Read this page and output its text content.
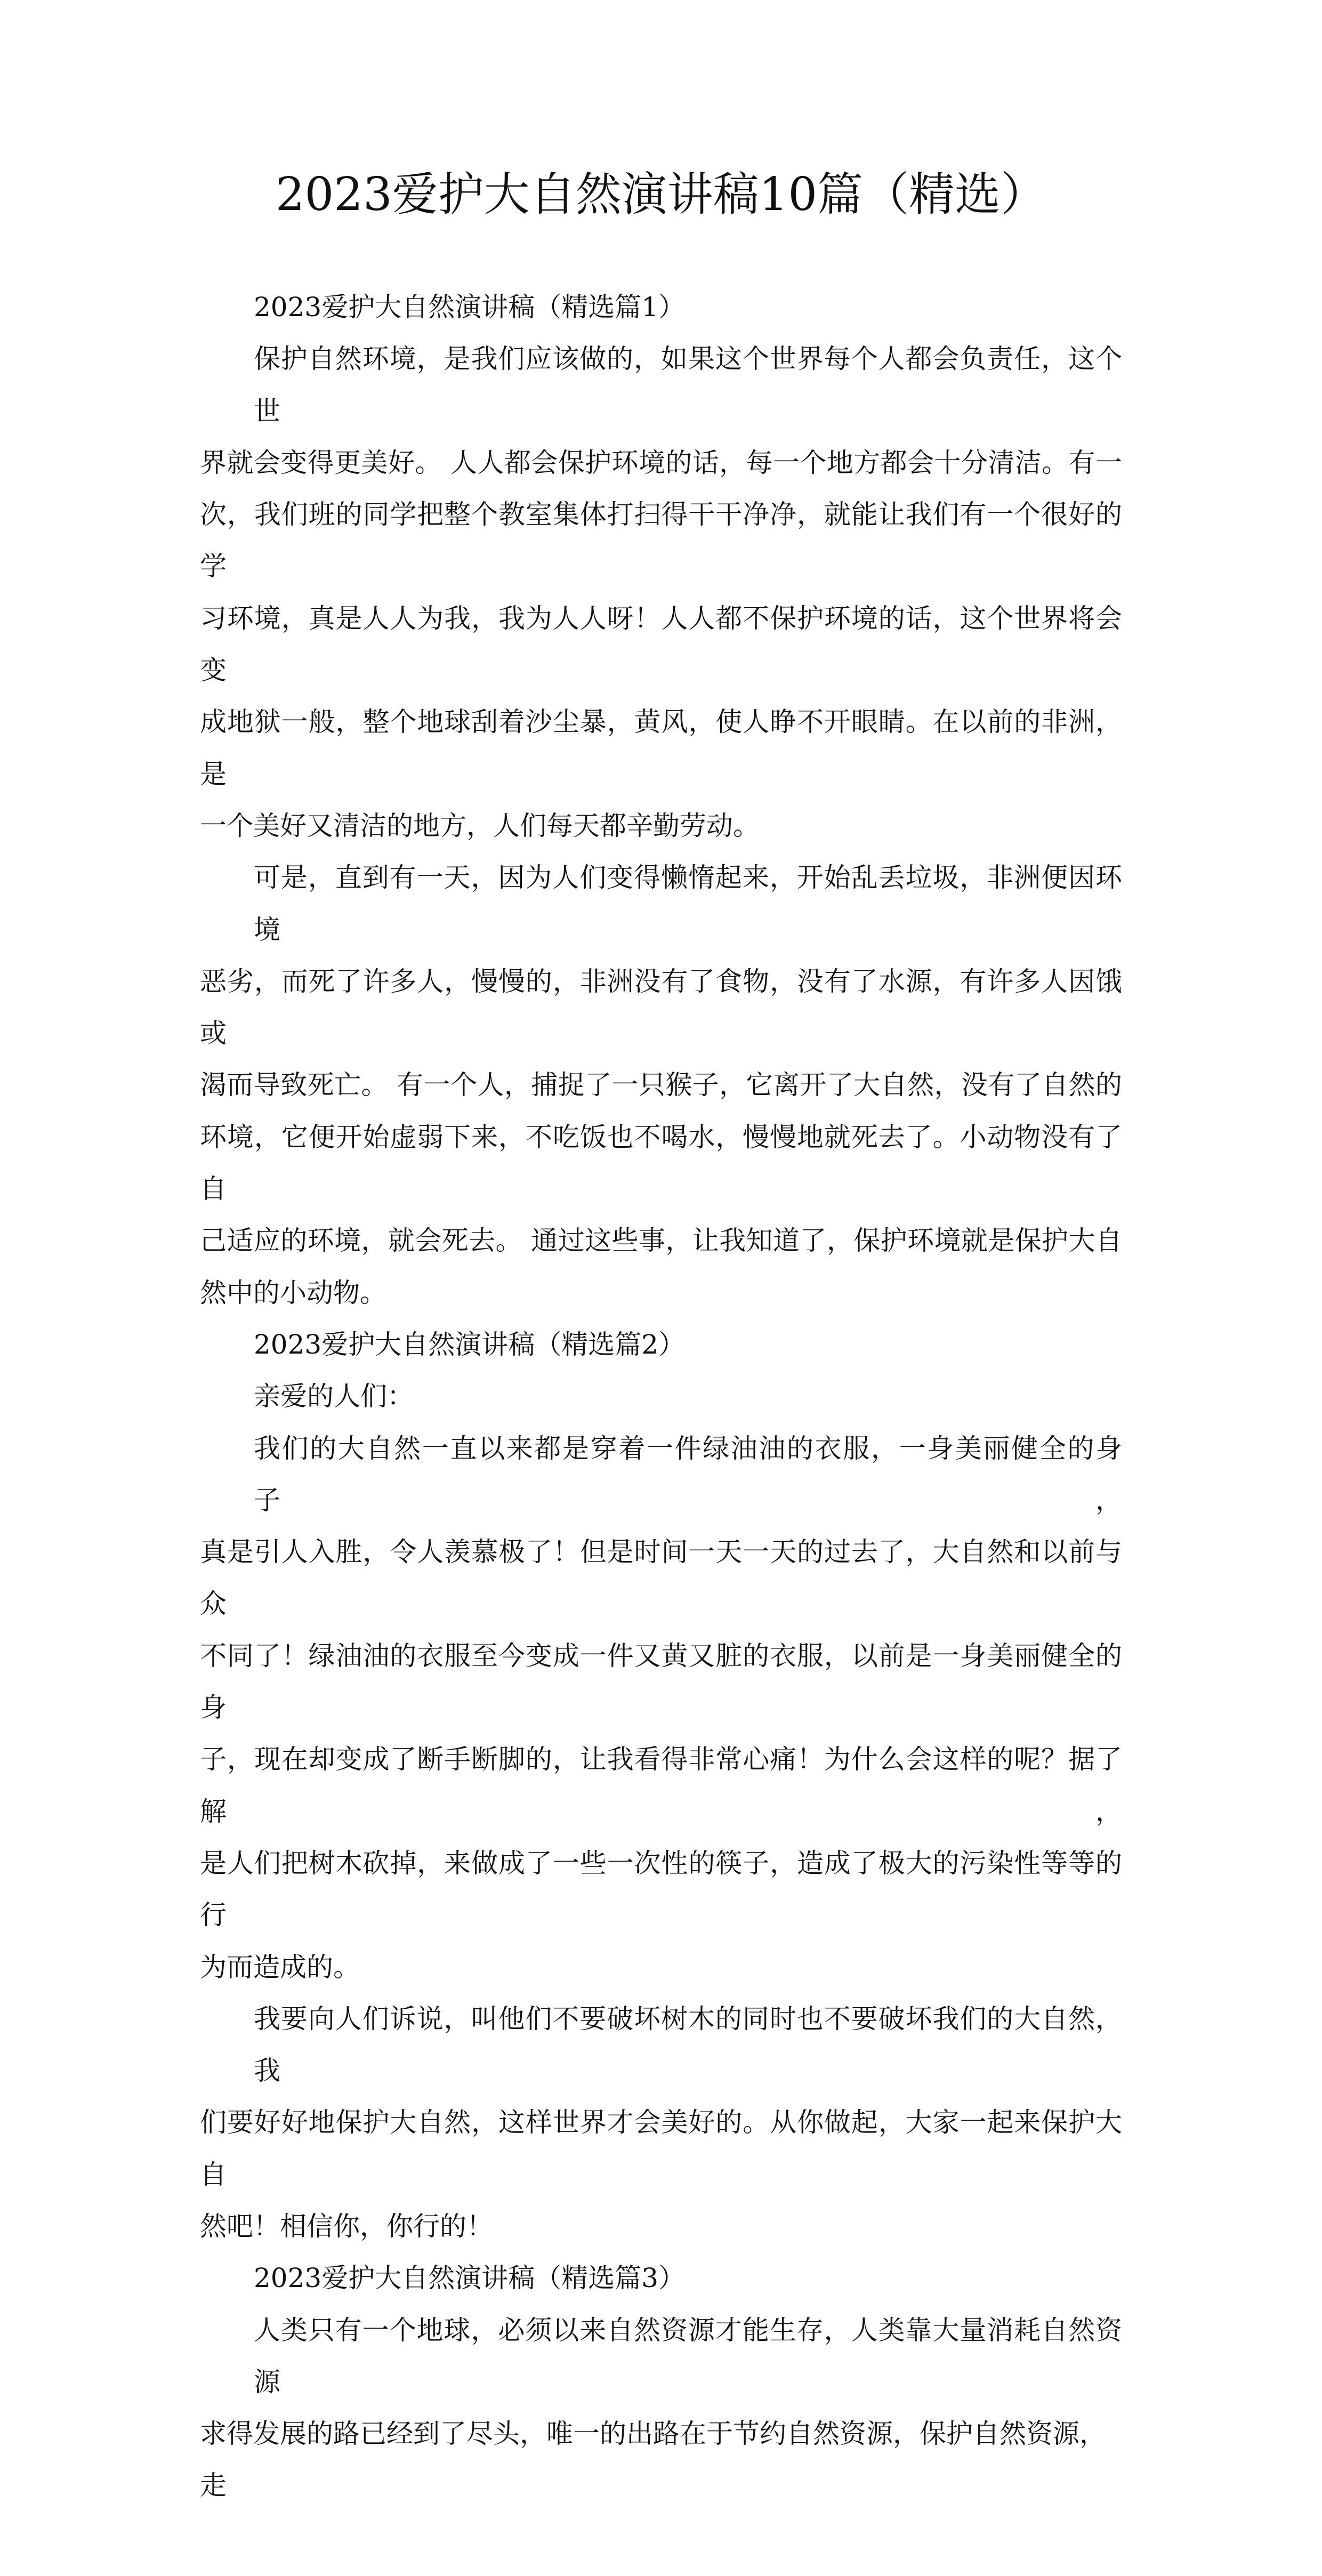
2023爱护大自然演讲稿10篇（精选）
2023爱护大自然演讲稿（精选篇1）
保护自然环境，是我们应该做的，如果这个世界每个人都会负责任，这个世
界就会变得更美好。 人人都会保护环境的话，每一个地方都会十分清洁。有一
次，我们班的同学把整个教室集体打扫得干干净净，就能让我们有一个很好的学
习环境，真是人人为我，我为人人呀！人人都不保护环境的话，这个世界将会变
成地狱一般，整个地球刮着沙尘暴，黄风，使人睁不开眼睛。在以前的非洲，是
一个美好又清洁的地方，人们每天都辛勤劳动。
可是，直到有一天，因为人们变得懒惰起来，开始乱丢垃圾，非洲便因环境
恶劣，而死了许多人，慢慢的，非洲没有了食物，没有了水源，有许多人因饿或
渴而导致死亡。 有一个人，捕捉了一只猴子，它离开了大自然，没有了自然的
环境，它便开始虚弱下来，不吃饭也不喝水，慢慢地就死去了。小动物没有了自
己适应的环境，就会死去。 通过这些事，让我知道了，保护环境就是保护大自
然中的小动物。
2023爱护大自然演讲稿（精选篇2）
亲爱的人们：
我们的大自然一直以来都是穿着一件绿油油的衣服，一身美丽健全的身子，
真是引人入胜，令人羡慕极了！但是时间一天一天的过去了，大自然和以前与众
不同了！绿油油的衣服至今变成一件又黄又脏的衣服，以前是一身美丽健全的身
子，现在却变成了断手断脚的，让我看得非常心痛！为什么会这样的呢？据了解，
是人们把树木砍掉，来做成了一些一次性的筷子，造成了极大的污染性等等的行
为而造成的。
我要向人们诉说，叫他们不要破坏树木的同时也不要破坏我们的大自然，我
们要好好地保护大自然，这样世界才会美好的。从你做起，大家一起来保护大自
然吧！相信你，你行的！
2023爱护大自然演讲稿（精选篇3）
人类只有一个地球，必须以来自然资源才能生存，人类靠大量消耗自然资源
求得发展的路已经到了尽头，唯一的出路在于节约自然资源，保护自然资源，走
